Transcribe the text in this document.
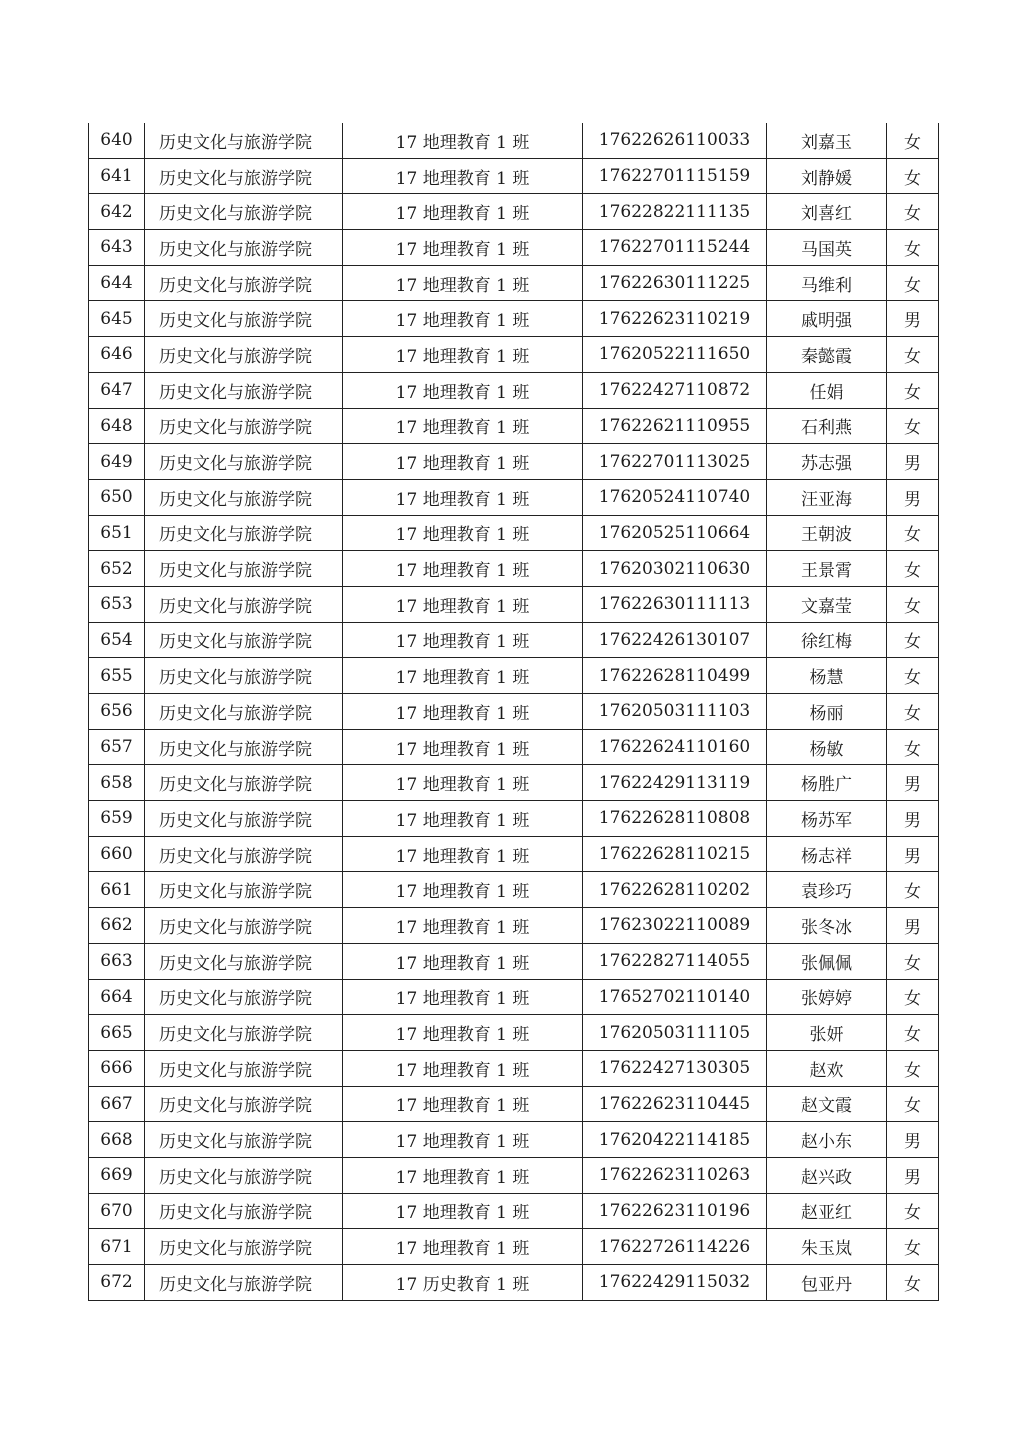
640	历史文化与旅游学院	17 地理教育 1 班	17622626110033	刘嘉玉	女
641	历史文化与旅游学院	17 地理教育 1 班	17622701115159	刘静媛	女
642	历史文化与旅游学院	17 地理教育 1 班	17622822111135	刘喜红	女
643	历史文化与旅游学院	17 地理教育 1 班	17622701115244	马国英	女
644	历史文化与旅游学院	17 地理教育 1 班	17622630111225	马维利	女
645	历史文化与旅游学院	17 地理教育 1 班	17622623110219	戚明强	男
646	历史文化与旅游学院	17 地理教育 1 班	17620522111650	秦懿霞	女
647	历史文化与旅游学院	17 地理教育 1 班	17622427110872	任娟	女
648	历史文化与旅游学院	17 地理教育 1 班	17622621110955	石利燕	女
649	历史文化与旅游学院	17 地理教育 1 班	17622701113025	苏志强	男
650	历史文化与旅游学院	17 地理教育 1 班	17620524110740	汪亚海	男
651	历史文化与旅游学院	17 地理教育 1 班	17620525110664	王朝波	女
652	历史文化与旅游学院	17 地理教育 1 班	17620302110630	王景霄	女
653	历史文化与旅游学院	17 地理教育 1 班	17622630111113	文嘉莹	女
654	历史文化与旅游学院	17 地理教育 1 班	17622426130107	徐红梅	女
655	历史文化与旅游学院	17 地理教育 1 班	17622628110499	杨慧	女
656	历史文化与旅游学院	17 地理教育 1 班	17620503111103	杨丽	女
657	历史文化与旅游学院	17 地理教育 1 班	17622624110160	杨敏	女
658	历史文化与旅游学院	17 地理教育 1 班	17622429113119	杨胜广	男
659	历史文化与旅游学院	17 地理教育 1 班	17622628110808	杨苏军	男
660	历史文化与旅游学院	17 地理教育 1 班	17622628110215	杨志祥	男
661	历史文化与旅游学院	17 地理教育 1 班	17622628110202	袁珍巧	女
662	历史文化与旅游学院	17 地理教育 1 班	17623022110089	张冬冰	男
663	历史文化与旅游学院	17 地理教育 1 班	17622827114055	张佩佩	女
664	历史文化与旅游学院	17 地理教育 1 班	17652702110140	张婷婷	女
665	历史文化与旅游学院	17 地理教育 1 班	17620503111105	张妍	女
666	历史文化与旅游学院	17 地理教育 1 班	17622427130305	赵欢	女
667	历史文化与旅游学院	17 地理教育 1 班	17622623110445	赵文霞	女
668	历史文化与旅游学院	17 地理教育 1 班	17620422114185	赵小东	男
669	历史文化与旅游学院	17 地理教育 1 班	17622623110263	赵兴政	男
670	历史文化与旅游学院	17 地理教育 1 班	17622623110196	赵亚红	女
671	历史文化与旅游学院	17 地理教育 1 班	17622726114226	朱玉岚	女
672	历史文化与旅游学院	17 历史教育 1 班	17622429115032	包亚丹	女
